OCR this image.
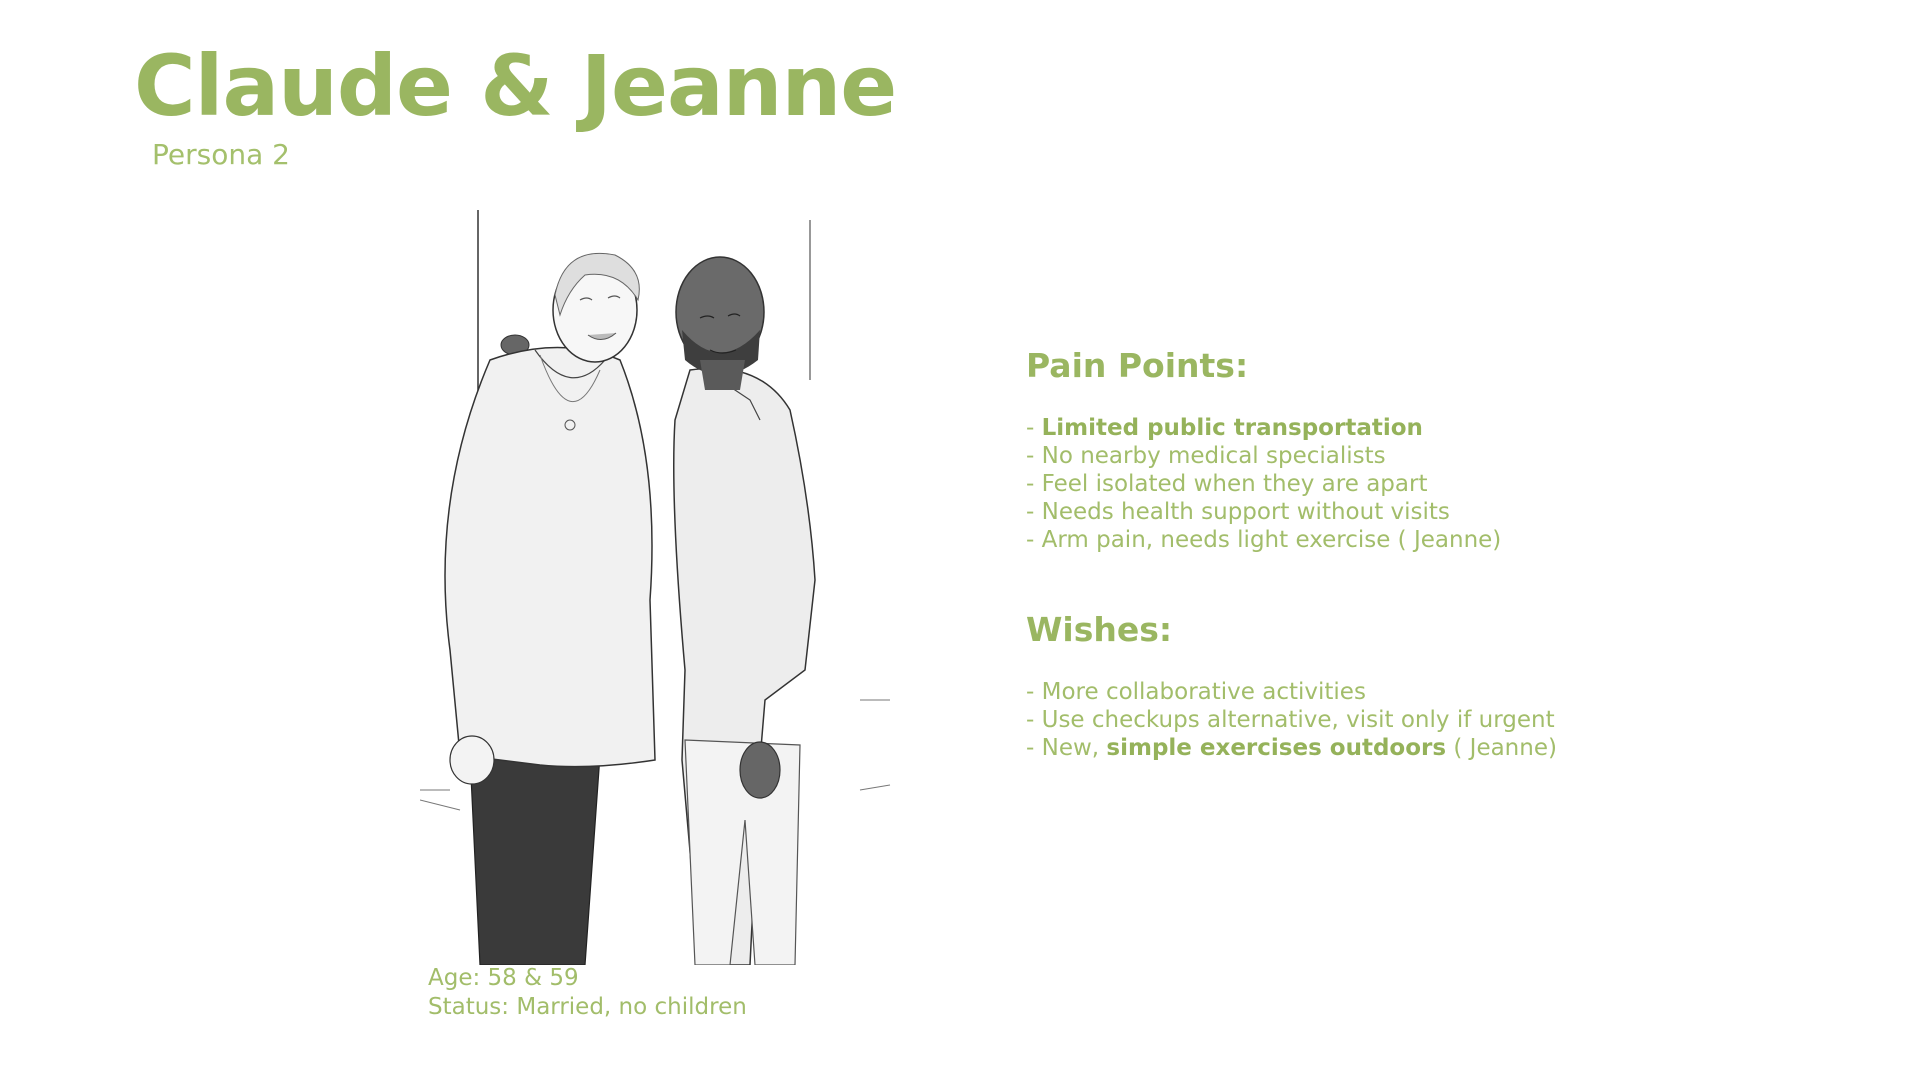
Claude & Jeanne
Persona 2
Age: 58 & 59
Status: Married, no children
Pain Points:
- Limited public transportation
- No nearby medical specialists
- Feel isolated when they are apart
- Needs health support without visits
- Arm pain, needs light exercise ( Jeanne)
Wishes:
- More collaborative activities
- Use checkups alternative, visit only if urgent
- New, simple exercises outdoors ( Jeanne)
